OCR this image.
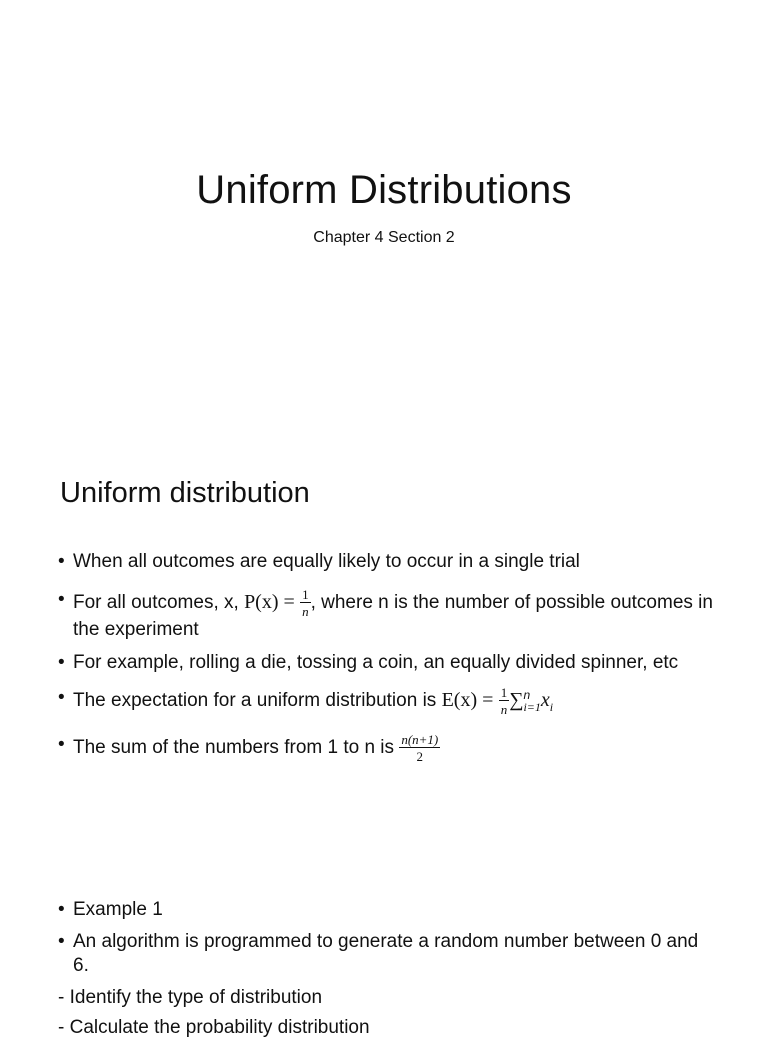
Uniform Distributions

Chapter 4 Section 2

Uniform distribution
• When all outcomes are equally likely to occur in a single trial
• For all outcomes, x, $P(x) = \frac{1}{n}$ , where n is the number of possible outcomes in the experiment
• For example, rolling a die, tossing a coin, an equally divided spinner, etc
• The expectation for a uniform distribution is $E(x) = \frac{1}{n}$ ∑ n
i=1 $x_i$
• The sum of the numbers from 1 to n is $\frac{n(n+1)}{2}$
• Example 1
• An algorithm is programmed to generate a random number between 0 and 6.

- Identify the type of distribution

- Calculate the probability distribution
